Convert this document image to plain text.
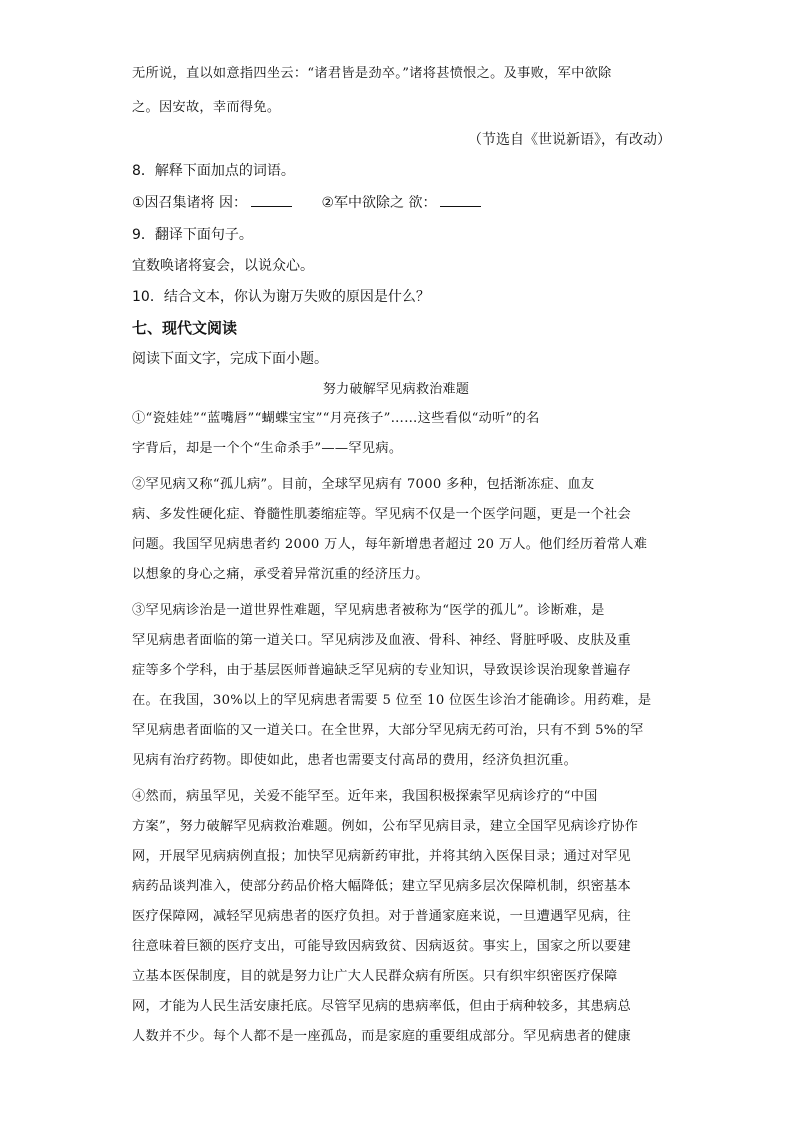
无所说，直以如意指四坐云：“诸君皆是劲卒。”诸将甚愤恨之。及事败，军中欲除
之。因安故，幸而得免。
（节选自《世说新语》，有改动）
8．解释下面加点的词语。
①因召集诸将 因：	②军中欲除之 欲：
9．翻译下面句子。
宜数唤诸将宴会，以说众心。
10．结合文本，你认为谢万失败的原因是什么？
七、现代文阅读
阅读下面文字，完成下面小题。
努力破解罕见病救治难题
①“瓷娃娃”“蓝嘴唇”“蝴蝶宝宝”“月亮孩子”……这些看似“动听”的名
字背后，却是一个个“生命杀手”——罕见病。
②罕见病又称“孤儿病”。目前，全球罕见病有 7000 多种，包括渐冻症、血友
病、多发性硬化症、脊髓性肌萎缩症等。罕见病不仅是一个医学问题，更是一个社会
问题。我国罕见病患者约 2000 万人，每年新增患者超过 20 万人。他们经历着常人难
以想象的身心之痛，承受着异常沉重的经济压力。
③罕见病诊治是一道世界性难题，罕见病患者被称为“医学的孤儿”。诊断难，是
罕见病患者面临的第一道关口。罕见病涉及血液、骨科、神经、肾脏呼吸、皮肤及重
症等多个学科，由于基层医师普遍缺乏罕见病的专业知识，导致误诊误治现象普遍存
在。在我国，30%以上的罕见病患者需要 5 位至 10 位医生诊治才能确诊。用药难，是
罕见病患者面临的又一道关口。在全世界，大部分罕见病无药可治，只有不到 5%的罕
见病有治疗药物。即使如此，患者也需要支付高昂的费用，经济负担沉重。
④然而，病虽罕见，关爱不能罕至。近年来，我国积极探索罕见病诊疗的“中国
方案”，努力破解罕见病救治难题。例如，公布罕见病目录，建立全国罕见病诊疗协作
网，开展罕见病病例直报；加快罕见病新药审批，并将其纳入医保目录；通过对罕见
病药品谈判准入，使部分药品价格大幅降低；建立罕见病多层次保障机制，织密基本
医疗保障网，减轻罕见病患者的医疗负担。对于普通家庭来说，一旦遭遇罕见病，往
往意味着巨额的医疗支出，可能导致因病致贫、因病返贫。事实上，国家之所以要建
立基本医保制度，目的就是努力让广大人民群众病有所医。只有织牢织密医疗保障
网，才能为人民生活安康托底。尽管罕见病的患病率低，但由于病种较多，其患病总
人数并不少。每个人都不是一座孤岛，而是家庭的重要组成部分。罕见病患者的健康
